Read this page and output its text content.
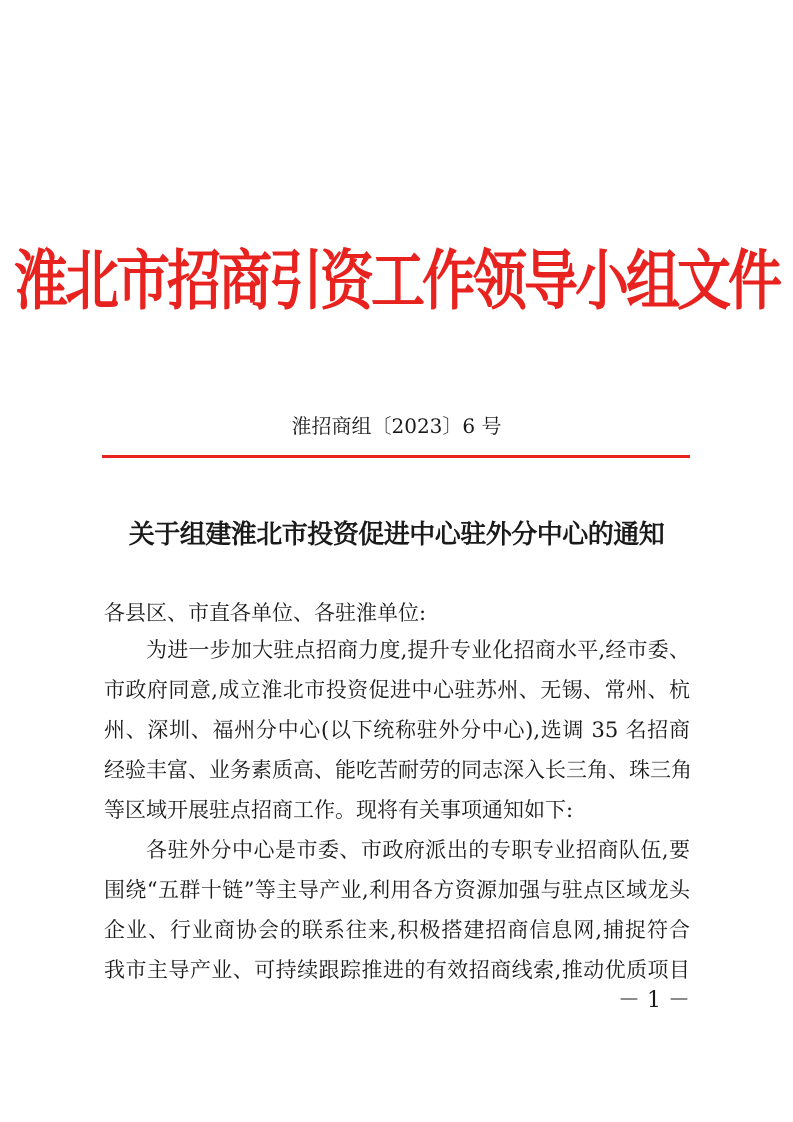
淮北市招商引资工作领导小组文件
淮招商组〔2023〕6 号
关于组建淮北市投资促进中心驻外分中心的通知
各县区、市直各单位、各驻淮单位:
为进一步加大驻点招商力度,提升专业化招商水平,经市委、
市政府同意,成立淮北市投资促进中心驻苏州、无锡、常州、杭
州、深圳、福州分中心(以下统称驻外分中心),选调 35 名招商
经验丰富、业务素质高、能吃苦耐劳的同志深入长三角、珠三角
等区域开展驻点招商工作。现将有关事项通知如下:
各驻外分中心是市委、市政府派出的专职专业招商队伍,要
围绕“五群十链”等主导产业,利用各方资源加强与驻点区域龙头
企业、行业商协会的联系往来,积极搭建招商信息网,捕捉符合
我市主导产业、可持续跟踪推进的有效招商线索,推动优质项目
－ 1 －
